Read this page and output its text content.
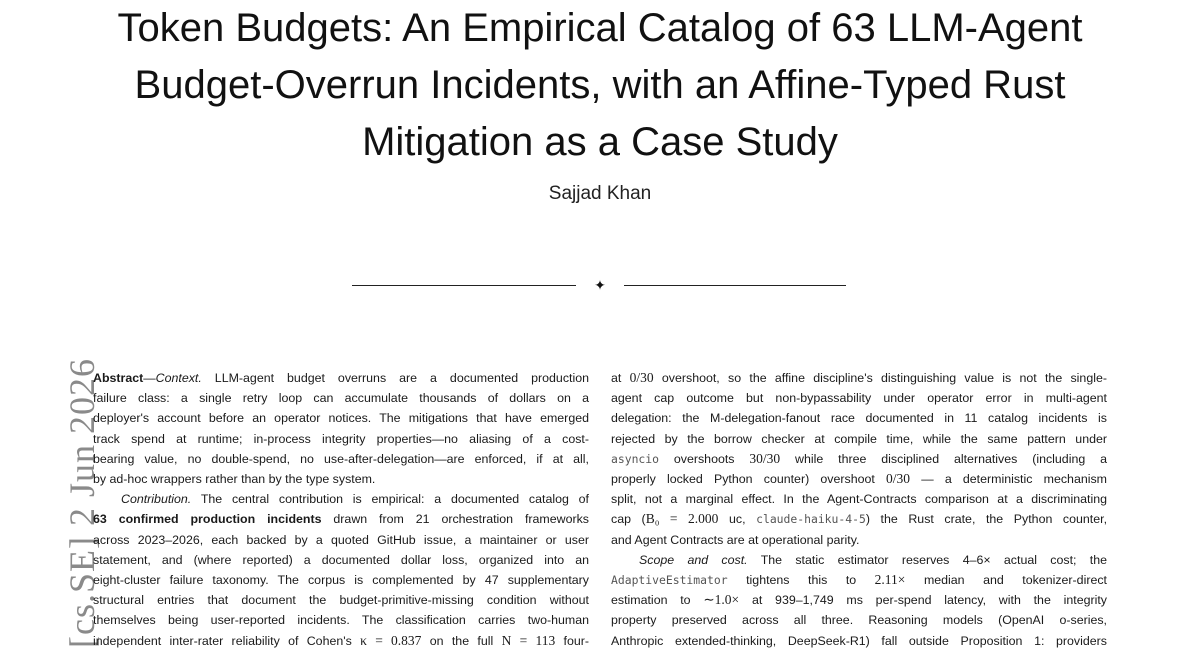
Token Budgets: An Empirical Catalog of 63 LLM-Agent
Budget-Overrun Incidents, with an Affine-Typed Rust
Mitigation as a Case Study
Sajjad Khan
✦
[cs.SE] 2 Jun 2026
Abstract—Context. LLM-agent budget overruns are a documented production
failure class: a single retry loop can accumulate thousands of dollars on a
deployer's account before an operator notices. The mitigations that have emerged
track spend at runtime; in-process integrity properties—no aliasing of a cost-
bearing value, no double-spend, no use-after-delegation—are enforced, if at all,
by ad-hoc wrappers rather than by the type system.
Contribution. The central contribution is empirical: a documented catalog of
63 confirmed production incidents drawn from 21 orchestration frameworks
across 2023–2026, each backed by a quoted GitHub issue, a maintainer or user
statement, and (where reported) a documented dollar loss, organized into an
eight-cluster failure taxonomy. The corpus is complemented by 47 supplementary
structural entries that document the budget-primitive-missing condition without
themselves being user-reported incidents. The classification carries two-human
independent inter-rater reliability of Cohen's κ = 0.837 on the full N = 113 four-
at 0/30 overshoot, so the affine discipline's distinguishing value is not the single-
agent cap outcome but non-bypassability under operator error in multi-agent
delegation: the M-delegation-fanout race documented in 11 catalog incidents is
rejected by the borrow checker at compile time, while the same pattern under
asyncio overshoots 30/30 while three disciplined alternatives (including a
properly locked Python counter) overshoot 0/30 — a deterministic mechanism
split, not a marginal effect. In the Agent-Contracts comparison at a discriminating
cap (B₀ = 2.000 uc, claude-haiku-4-5) the Rust crate, the Python counter,
and Agent Contracts are at operational parity.
Scope and cost. The static estimator reserves 4–6× actual cost; the
AdaptiveEstimator tightens this to 2.11× median and tokenizer-direct
estimation to ∼1.0× at 939–1,749 ms per-spend latency, with the integrity
property preserved across all three. Reasoning models (OpenAI o-series,
Anthropic extended-thinking, DeepSeek-R1) fall outside Proposition 1: providers
